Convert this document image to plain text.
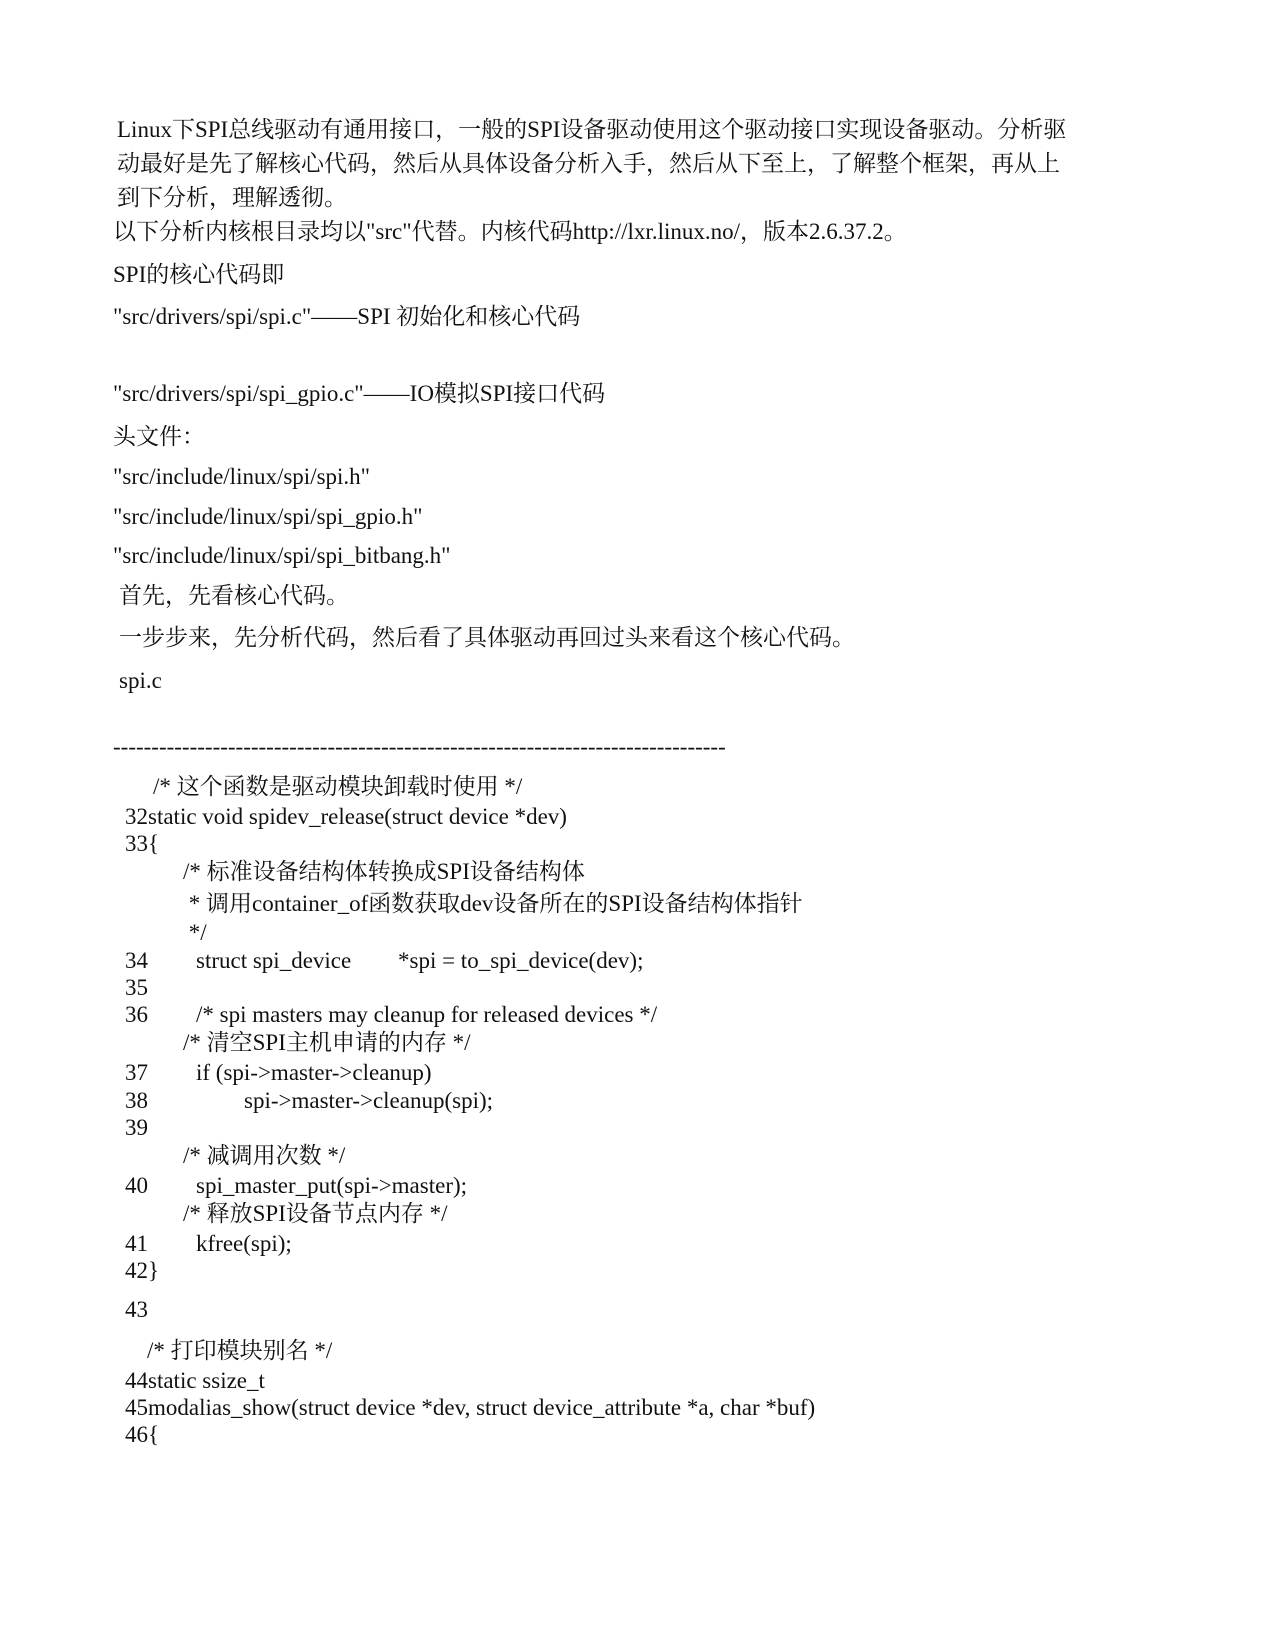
Linux下SPI总线驱动有通用接口，一般的SPI设备驱动使用这个驱动接口实现设备驱动。分析驱
动最好是先了解核心代码，然后从具体设备分析入手，然后从下至上，了解整个框架，再从上
到下分析，理解透彻。
以下分析内核根目录均以"src"代替。内核代码http://lxr.linux.no/，版本2.6.37.2。
SPI的核心代码即
"src/drivers/spi/spi.c"——SPI 初始化和核心代码
"src/drivers/spi/spi_gpio.c"——IO模拟SPI接口代码
头文件：
"src/include/linux/spi/spi.h"
"src/include/linux/spi/spi_gpio.h"
"src/include/linux/spi/spi_bitbang.h"
首先，先看核心代码。
一步步来，先分析代码，然后看了具体驱动再回过头来看这个核心代码。
spi.c
--------------------------------------------------------------------------------
/* 这个函数是驱动模块卸载时使用 */
32static void spidev_release(struct device *dev)
33{
/* 标准设备结构体转换成SPI设备结构体
* 调用container_of函数获取dev设备所在的SPI设备结构体指针
*/
34 struct spi_device *spi = to_spi_device(dev);
35
36 /* spi masters may cleanup for released devices */
/* 清空SPI主机申请的内存 */
37 if (spi->master->cleanup)
38	spi->master->cleanup(spi);
39
/* 减调用次数 */
40 spi_master_put(spi->master);
/* 释放SPI设备节点内存 */
41 kfree(spi);
42}
43
/* 打印模块别名 */
44static ssize_t
45modalias_show(struct device *dev, struct device_attribute *a, char *buf)
46{
